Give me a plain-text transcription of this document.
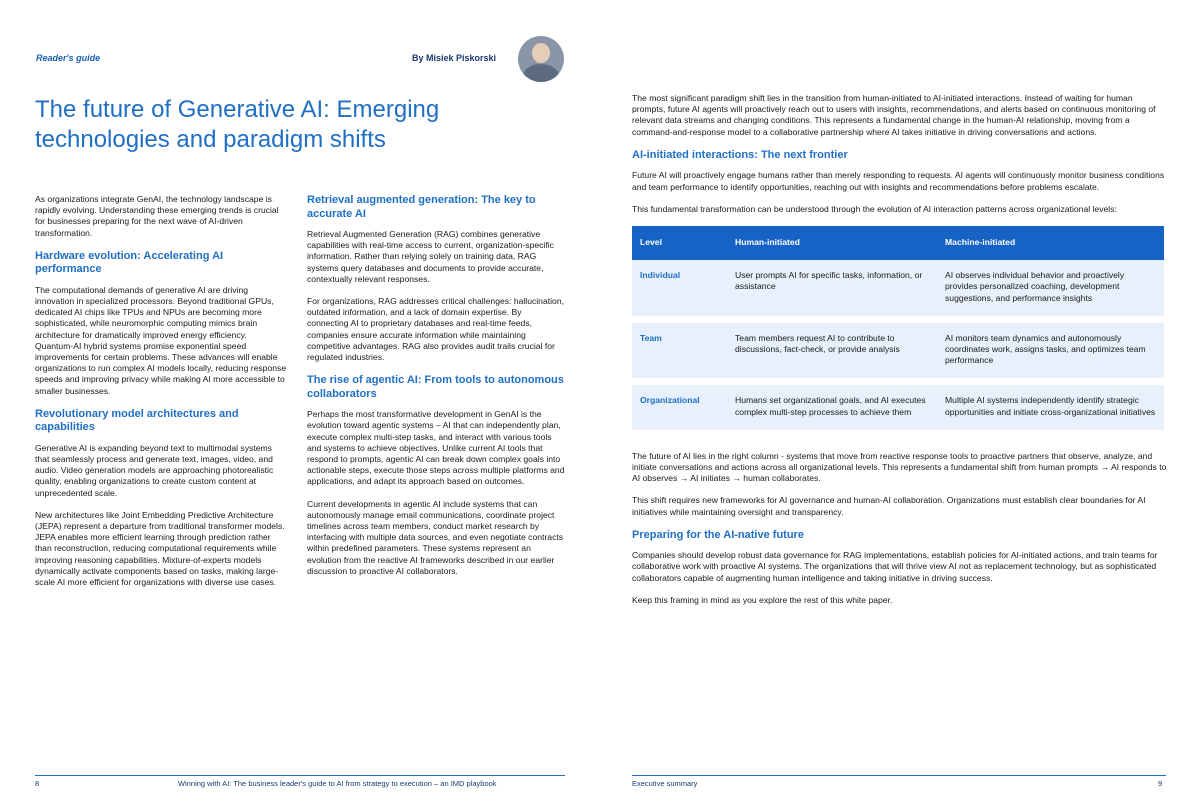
Reader's guide	By Misiek Piskorski
The future of Generative AI: Emerging technologies and paradigm shifts

As organizations integrate GenAI, the technology landscape is rapidly evolving. Understanding these emerging trends is crucial for businesses preparing for the next wave of AI-driven transformation.

Hardware evolution: Accelerating AI performance

The computational demands of generative AI are driving innovation in specialized processors. Beyond traditional GPUs, dedicated AI chips like TPUs and NPUs are becoming more sophisticated, while neuromorphic computing mimics brain architecture for dramatically improved energy efficiency. Quantum-AI hybrid systems promise exponential speed improvements for certain problems. These advances will enable organizations to run complex AI models locally, reducing response speeds and improving privacy while making AI more accessible to smaller businesses.

Revolutionary model architectures and capabilities

Generative AI is expanding beyond text to multimodal systems that seamlessly process and generate text, images, video, and audio. Video generation models are approaching photorealistic quality, enabling organizations to create custom content at unprecedented scale.

New architectures like Joint Embedding Predictive Architecture (JEPA) represent a departure from traditional transformer models. JEPA enables more efficient learning through prediction rather than reconstruction, reducing computational requirements while improving reasoning capabilities. Mixture-of-experts models dynamically activate components based on tasks, making large-scale AI more efficient for organizations with diverse use cases.

Retrieval augmented generation: The key to accurate AI

Retrieval Augmented Generation (RAG) combines generative capabilities with real-time access to current, organization-specific information. Rather than relying solely on training data, RAG systems query databases and documents to provide accurate, contextually relevant responses.

For organizations, RAG addresses critical challenges: hallucination, outdated information, and a lack of domain expertise. By connecting AI to proprietary databases and real-time feeds, companies ensure accurate information while maintaining competitive advantages. RAG also provides audit trails crucial for regulated industries.

The rise of agentic AI: From tools to autonomous collaborators

Perhaps the most transformative development in GenAI is the evolution toward agentic systems – AI that can independently plan, execute complex multi-step tasks, and interact with various tools and systems to achieve objectives. Unlike current AI tools that respond to prompts, agentic AI can break down complex goals into actionable steps, execute those steps across multiple platforms and applications, and adapt its approach based on outcomes.

Current developments in agentic AI include systems that can autonomously manage email communications, coordinate project timelines across team members, conduct market research by interfacing with multiple data sources, and even negotiate contracts within predefined parameters. These systems represent an evolution from the reactive AI frameworks described in our earlier discussion to proactive AI collaborators.

8	Winning with AI: The business leader's guide to AI from strategy to execution – an IMD playbook

The most significant paradigm shift lies in the transition from human-initiated to AI-initiated interactions. Instead of waiting for human prompts, future AI agents will proactively reach out to users with insights, recommendations, and alerts based on continuous monitoring of relevant data streams and changing conditions. This represents a fundamental change in the human-AI relationship, moving from a command-and-response model to a collaborative partnership where AI takes initiative in driving conversations and actions.

AI-initiated interactions: The next frontier

Future AI will proactively engage humans rather than merely responding to requests. AI agents will continuously monitor business conditions and team performance to identify opportunities, reaching out with insights and recommendations before problems escalate.

This fundamental transformation can be understood through the evolution of AI interaction patterns across organizational levels:

Level	Human-initiated	Machine-initiated
Individual	User prompts AI for specific tasks, information, or assistance	AI observes individual behavior and proactively provides personalized coaching, development suggestions, and performance insights
Team	Team members request AI to contribute to discussions, fact-check, or provide analysis	AI monitors team dynamics and autonomously coordinates work, assigns tasks, and optimizes team performance
Organizational	Humans set organizational goals, and AI executes complex multi-step processes to achieve them	Multiple AI systems independently identify strategic opportunities and initiate cross-organizational initiatives

The future of AI lies in the right column - systems that move from reactive response tools to proactive partners that observe, analyze, and initiate conversations and actions across all organizational levels. This represents a fundamental shift from human prompts → AI responds to AI observes → AI initiates → human collaborates.

This shift requires new frameworks for AI governance and human-AI collaboration. Organizations must establish clear boundaries for AI initiatives while maintaining oversight and transparency.

Preparing for the AI-native future

Companies should develop robust data governance for RAG implementations, establish policies for AI-initiated actions, and train teams for collaborative work with proactive AI systems. The organizations that will thrive view AI not as replacement technology, but as sophisticated collaborators capable of augmenting human intelligence and taking initiative in driving success.

Keep this framing in mind as you explore the rest of this white paper.

Executive summary	9
